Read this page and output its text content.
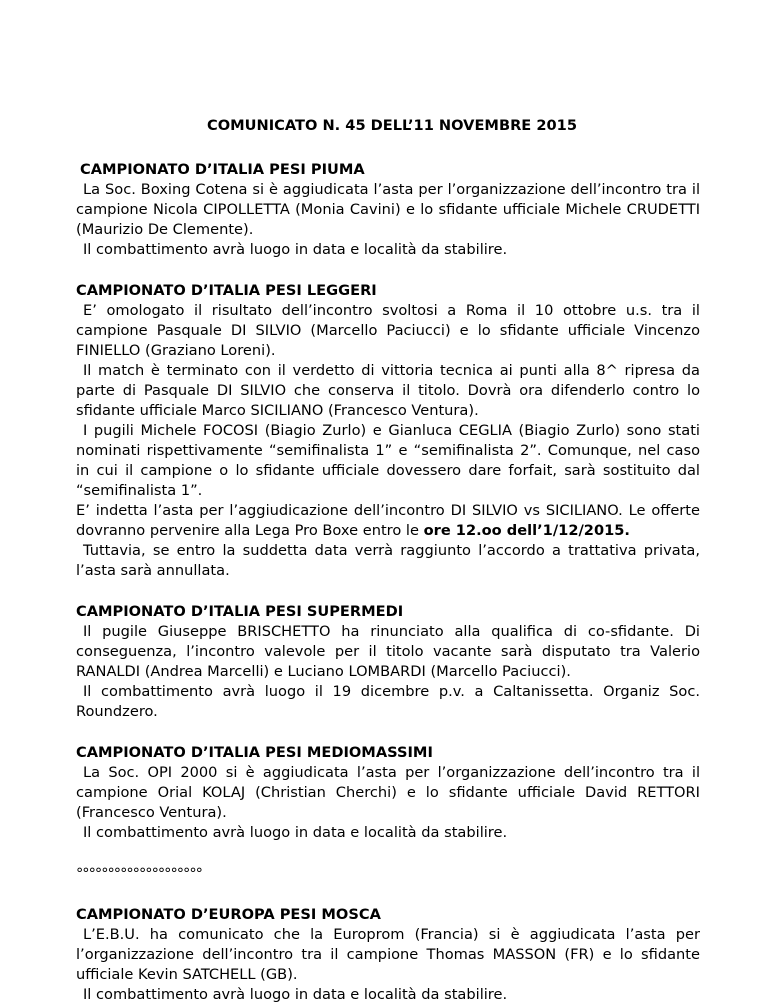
COMUNICATO N. 45 DELL’11 NOVEMBRE 2015
CAMPIONATO D’ITALIA PESI PIUMA

La Soc. Boxing Cotena si è aggiudicata l’asta per l’organizzazione dell’incontro tra il campione Nicola CIPOLLETTA (Monia Cavini) e lo sfidante ufficiale Michele CRUDETTI (Maurizio De Clemente).

Il combattimento avrà luogo in data e località da stabilire.

CAMPIONATO D’ITALIA PESI LEGGERI

E’ omologato il risultato dell’incontro svoltosi a Roma il 10 ottobre u.s. tra il campione Pasquale DI SILVIO (Marcello Paciucci) e lo sfidante ufficiale Vincenzo FINIELLO (Graziano Loreni).

Il match è terminato con il verdetto di vittoria tecnica ai punti alla 8^ ripresa da parte di Pasquale DI SILVIO che conserva il titolo. Dovrà ora difenderlo contro lo sfidante ufficiale Marco SICILIANO (Francesco Ventura).

I pugili Michele FOCOSI (Biagio Zurlo) e Gianluca CEGLIA (Biagio Zurlo) sono stati nominati rispettivamente “semifinalista 1” e “semifinalista 2”. Comunque, nel caso in cui il campione o lo sfidante ufficiale dovessero dare forfait, sarà sostituito dal “semifinalista 1”.

E’ indetta l’asta per l’aggiudicazione dell’incontro DI SILVIO vs SICILIANO. Le offerte dovranno pervenire alla Lega Pro Boxe entro le ore 12.oo dell’1/12/2015.

Tuttavia, se entro la suddetta data verrà raggiunto l’accordo a trattativa privata, l’asta sarà annullata.

CAMPIONATO D’ITALIA PESI SUPERMEDI

Il pugile Giuseppe BRISCHETTO ha rinunciato alla qualifica di co-sfidante. Di conseguenza, l’incontro valevole per il titolo vacante sarà disputato tra Valerio RANALDI (Andrea Marcelli) e Luciano LOMBARDI (Marcello Paciucci).

Il combattimento avrà luogo il 19 dicembre p.v. a Caltanissetta. Organiz Soc. Roundzero.

CAMPIONATO D’ITALIA PESI MEDIOMASSIMI

La Soc. OPI 2000 si è aggiudicata l’asta per l’organizzazione dell’incontro tra il campione Orial KOLAJ (Christian Cherchi) e lo sfidante ufficiale David RETTORI (Francesco Ventura).

Il combattimento avrà luogo in data e località da stabilire.

°°°°°°°°°°°°°°°°°°°°
CAMPIONATO D’EUROPA PESI MOSCA

L’E.B.U. ha comunicato che la Europrom (Francia) si è aggiudicata l’asta per l’organizzazione dell’incontro tra il campione Thomas MASSON (FR) e lo sfidante ufficiale Kevin SATCHELL (GB).

Il combattimento avrà luogo in data e località da stabilire.
